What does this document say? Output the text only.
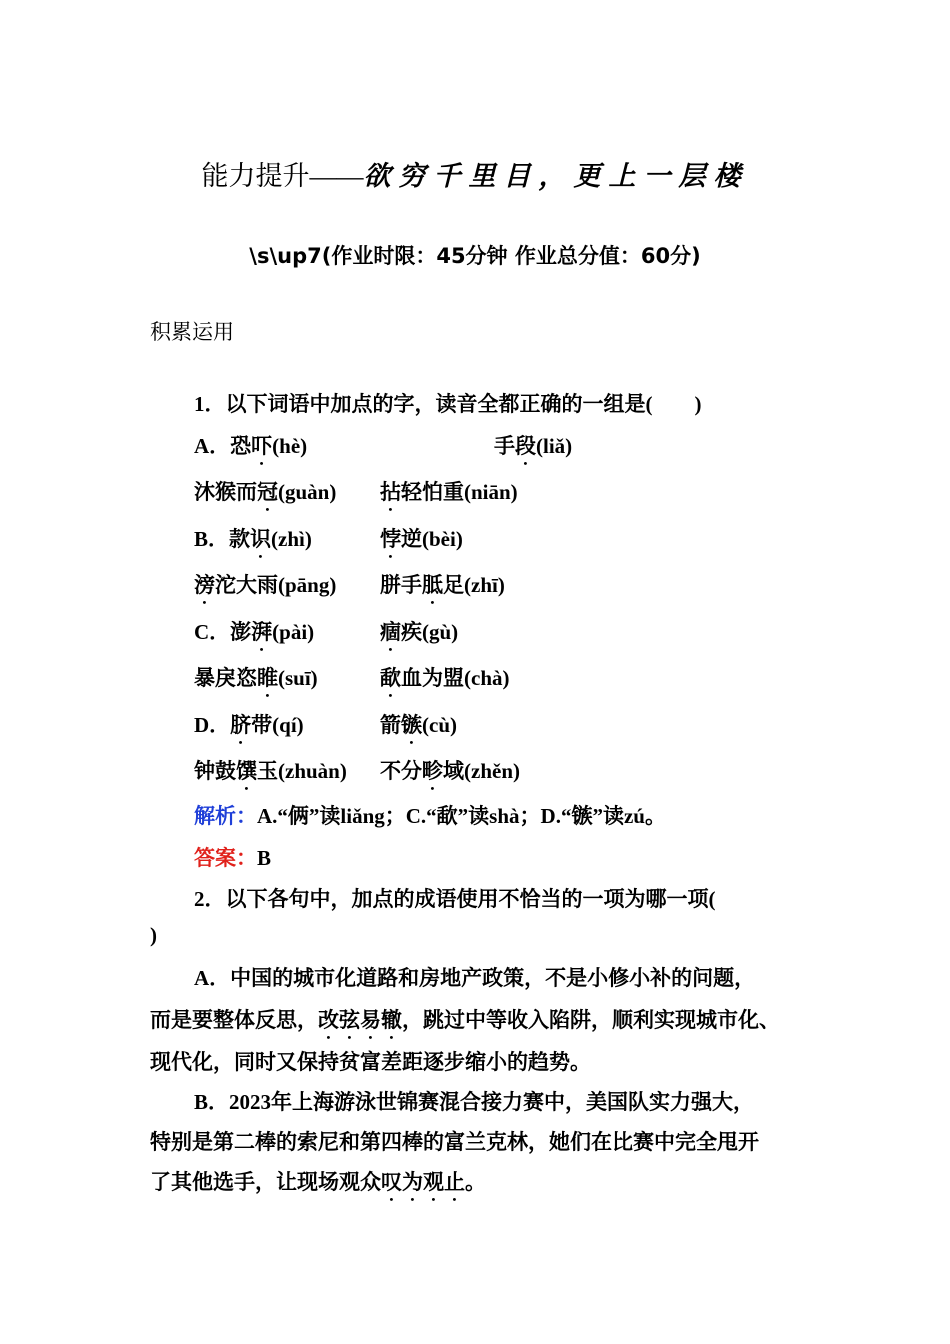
能力提升——欲穷千里目，更上一层楼
\s\up7(作业时限：45分钟 作业总分值：60分)
积累运用
1．以下词语中加点的字，读音全都正确的一组是(　　)
A．恐吓(hè)	手段(liǎ)
沐猴而冠(guàn) 拈轻怕重(niān)
B．款识(zhì)	悖逆(bèi)
滂沱大雨(pāng) 胼手胝足(zhī)
C．澎湃(pài)	痼疾(gù)
暴戾恣睢(suī)	歃血为盟(chà)
D．脐带(qí)	箭镞(cù)
钟鼓馔玉(zhuàn) 不分畛域(zhěn)
解析：A.“俩”读liǎng；C.“歃”读shà；D.“镞”读zú。
答案：B
2．以下各句中，加点的成语使用不恰当的一项为哪一项(
)
A．中国的城市化道路和房地产政策，不是小修小补的问题，
而是要整体反思，改弦易辙，跳过中等收入陷阱，顺利实现城市化、
现代化，同时又保持贫富差距逐步缩小的趋势。
B．2023年上海游泳世锦赛混合接力赛中，美国队实力强大，
特别是第二棒的索尼和第四棒的富兰克林，她们在比赛中完全甩开
了其他选手，让现场观众叹为观止。
